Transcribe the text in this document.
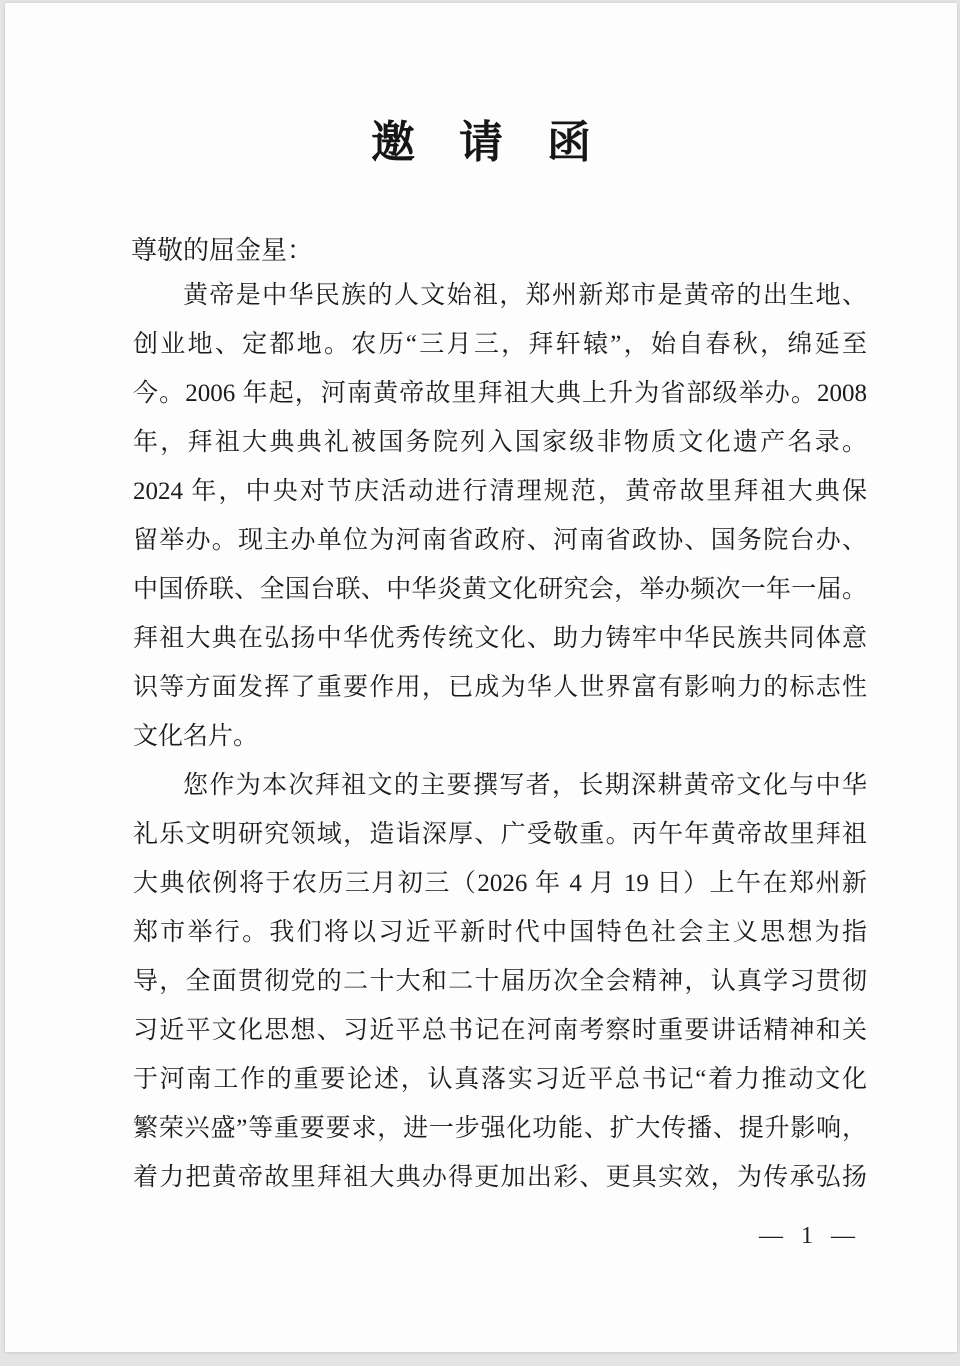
邀　请　函
尊敬的屈金星：
黄帝是中华民族的人文始祖，郑州新郑市是黄帝的出生地、
创业地、定都地。农历“三月三，拜轩辕”，始自春秋，绵延至
今。2006 年起，河南黄帝故里拜祖大典上升为省部级举办。2008
年，拜祖大典典礼被国务院列入国家级非物质文化遗产名录。
2024 年，中央对节庆活动进行清理规范，黄帝故里拜祖大典保
留举办。现主办单位为河南省政府、河南省政协、国务院台办、
中国侨联、全国台联、中华炎黄文化研究会，举办频次一年一届。
拜祖大典在弘扬中华优秀传统文化、助力铸牢中华民族共同体意
识等方面发挥了重要作用，已成为华人世界富有影响力的标志性
文化名片。
您作为本次拜祖文的主要撰写者，长期深耕黄帝文化与中华
礼乐文明研究领域，造诣深厚、广受敬重。丙午年黄帝故里拜祖
大典依例将于农历三月初三（2026 年 4 月 19 日）上午在郑州新
郑市举行。我们将以习近平新时代中国特色社会主义思想为指
导，全面贯彻党的二十大和二十届历次全会精神，认真学习贯彻
习近平文化思想、习近平总书记在河南考察时重要讲话精神和关
于河南工作的重要论述，认真落实习近平总书记“着力推动文化
繁荣兴盛”等重要要求，进一步强化功能、扩大传播、提升影响，
着力把黄帝故里拜祖大典办得更加出彩、更具实效，为传承弘扬
— 1 —
